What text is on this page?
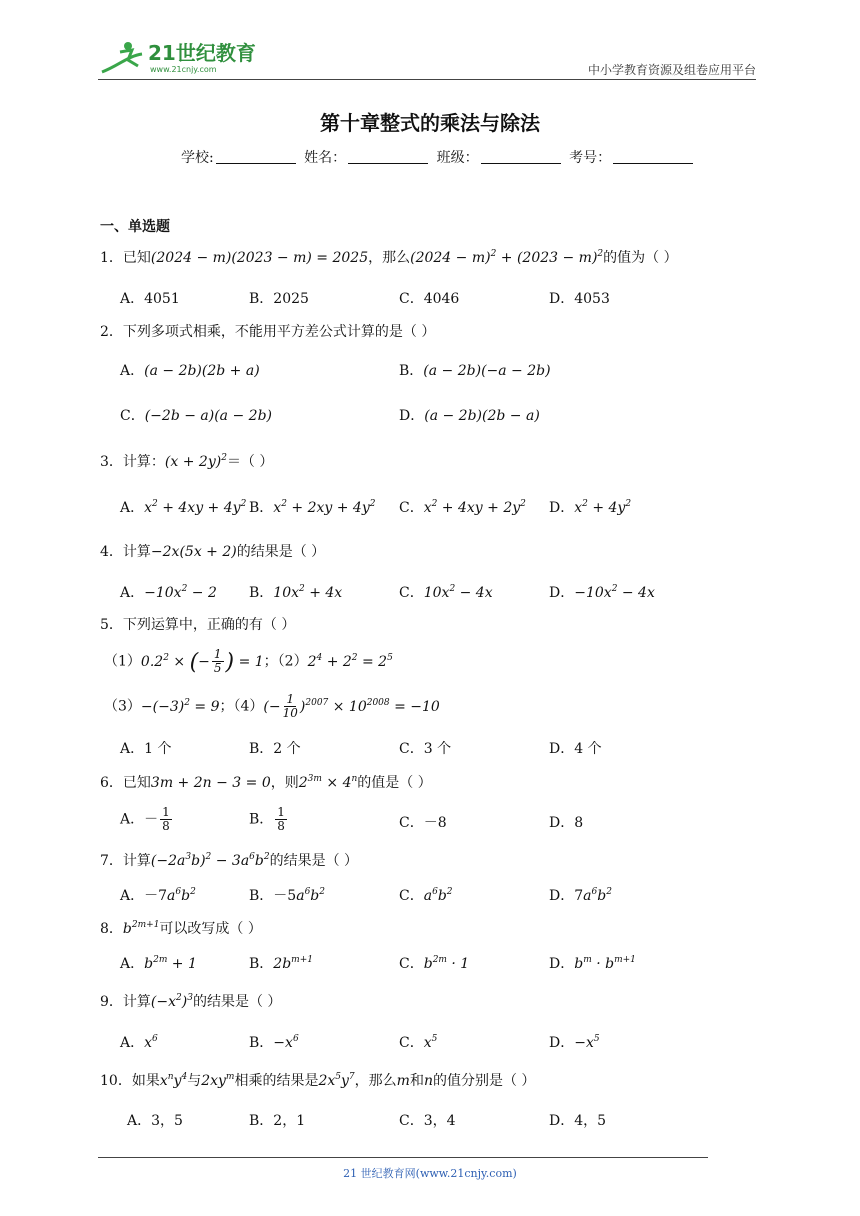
21世纪教育
www.21cnjy.com	中小学教育资源及组卷应用平台
第十章整式的乘法与除法
学校:	姓名：	班级：	考号：
一、单选题
1．已知(2024 − m)(2023 − m) = 2025，那么$(2024 - m)^2 + (2023 - m)^2$的值为（ ）
A．4051	B．2025	C．4046	D．4053
2．下列多项式相乘，不能用平方差公式计算的是（ ）
A．(a − 2b)(2b + a)	B．(a − 2b)(−a − 2b)
C．(−2b − a)(a − 2b)	D．(a − 2b)(2b − a)
3．计算：$(x + 2y)^2=$（ ）
A．$x^2 + 4xy + 4y^2$ B．$x^2 + 2xy + 4y^2$ C．$x^2 + 4xy + 2y^2$ D．$x^2 + 4y^2$
4．计算−2x(5x + 2)的结果是（ ）
A．$-10x^2 - 2$ B．$10x^2 + 4x$	C．$10x^2 - 4x$	D．$-10x^2 - 4x$
5．下列运算中，正确的有（ ）
$(1)0.2^2$ × (− $\frac{1}{5}$ ) = 1；$(2)2^4 + 2^2 = 2^5$
$(3)-(-3)^2 = 9$；$(4)(- \frac{1}{10} )^{2007} \times 10^{2008} = -10$
A．1 个	B．2 个	C．3 个	D．4 个
6．已知3m + 2n − 3 = 0，则$2^{3m} \times 4^n$的值是（ ）
A．－ $\frac{1}{8}$	B． $\frac{1}{8}$	C．－8	D．8
7．计算$(-2a^3b)^2 - 3a^6b^2$的结果是（ ）
A．$-7a^6b^2$	B．$-5a^6b^2$	C．$a^6b^2$	D．$7a^6b^2$
8．$b^{2m+1}$可以改写成（ ）
A．$b^{2m} + 1$	B．$2b^{m+1}$	C．$b^{2m} \cdot 1$	D．$b^m \cdot b^{m+1}$
9．计算$(-x^2)^3$的结果是（ ）
A．$x^6$	B．$-x^6$	C．$x^5$	D．$-x^5$
10．如果$x^ny^4$与$2xy^m$相乘的结果是$2x^5y^7$，那么m和n的值分别是（ ）
A．3，5	B．2，1	C．3，4	D．4，5
21 世纪教育网(www.21cnjy.com)
